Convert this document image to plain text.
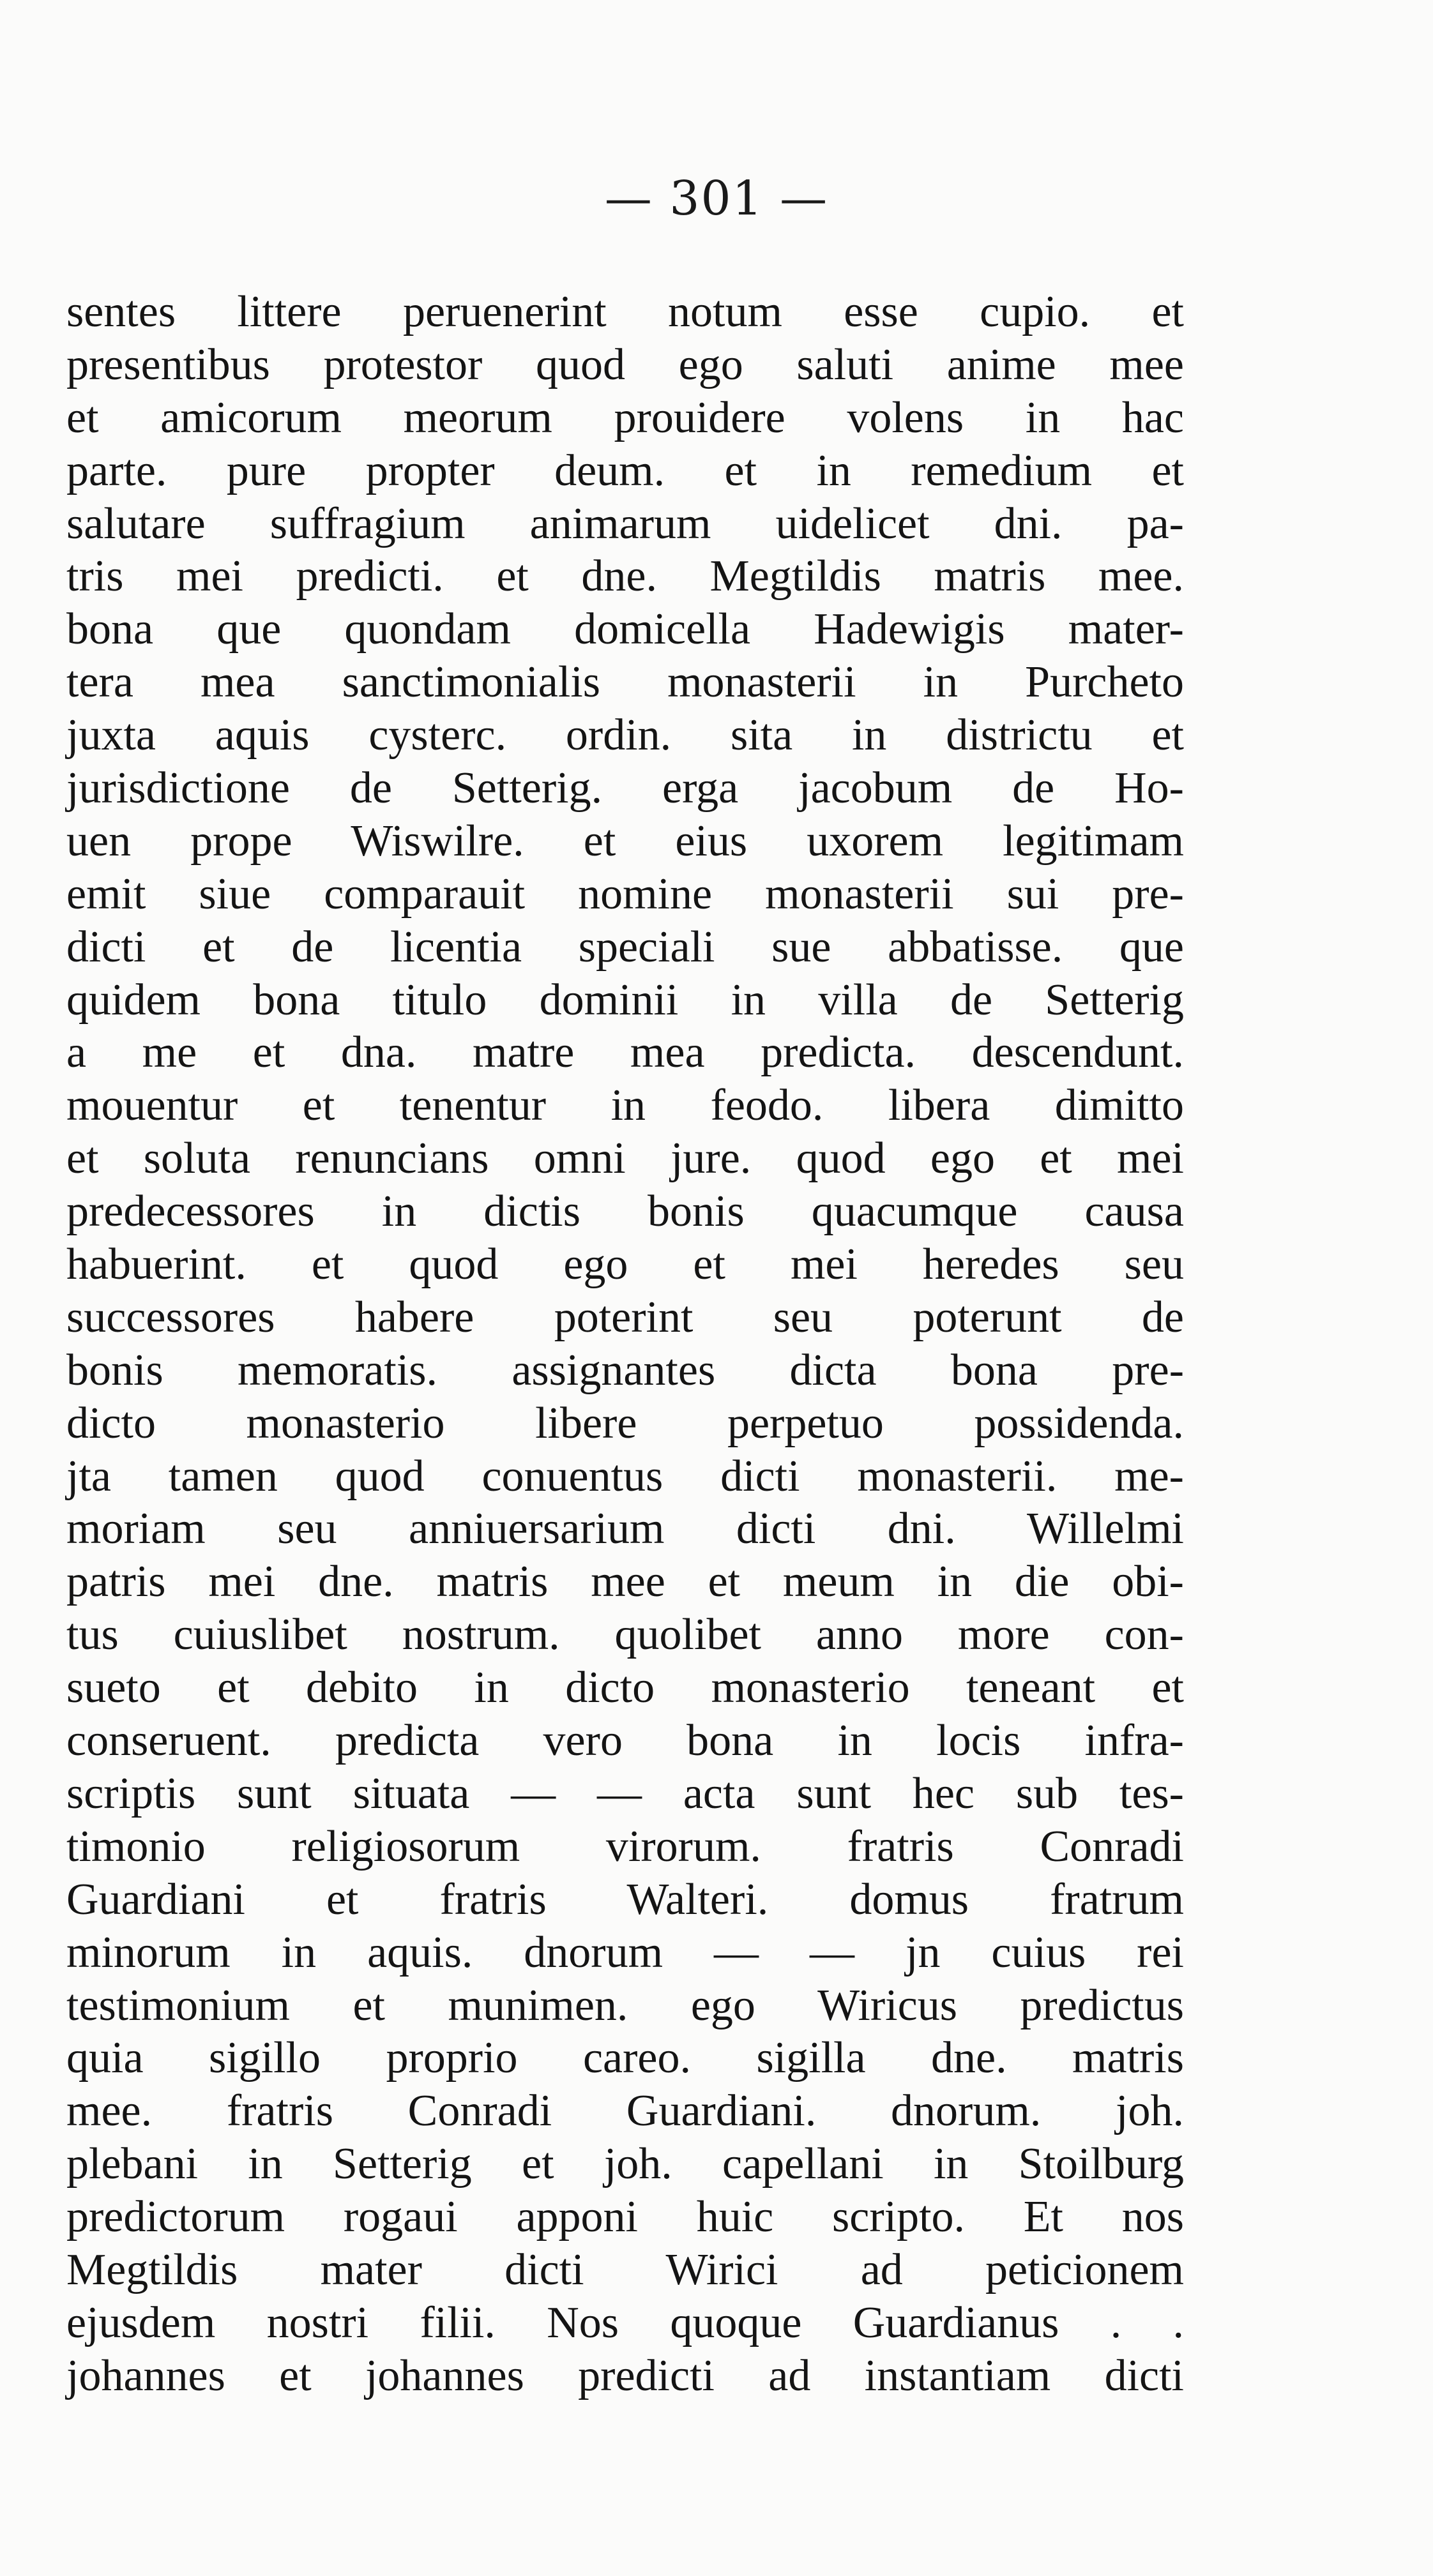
— 301 —
sentes littere peruenerint notum esse cupio. et
presentibus protestor quod ego saluti anime mee
et amicorum meorum prouidere volens in hac
parte. pure propter deum. et in remedium et
salutare suffragium animarum uidelicet dni. pa-
tris mei predicti. et dne. Megtildis matris mee.
bona que quondam domicella Hadewigis mater-
tera mea sanctimonialis monasterii in Purcheto
juxta aquis cysterc. ordin. sita in districtu et
jurisdictione de Setterig. erga jacobum de Ho-
uen prope Wiswilre. et eius uxorem legitimam
emit siue comparauit nomine monasterii sui pre-
dicti et de licentia speciali sue abbatisse. que
quidem bona titulo dominii in villa de Setterig
a me et dna. matre mea predicta. descendunt.
mouentur et tenentur in feodo. libera dimitto
et soluta renuncians omni jure. quod ego et mei
predecessores in dictis bonis quacumque causa
habuerint. et quod ego et mei heredes seu
successores habere poterint seu poterunt de
bonis memoratis. assignantes dicta bona pre-
dicto monasterio libere perpetuo possidenda.
jta tamen quod conuentus dicti monasterii. me-
moriam seu anniuersarium dicti dni. Willelmi
patris mei dne. matris mee et meum in die obi-
tus cuiuslibet nostrum. quolibet anno more con-
sueto et debito in dicto monasterio teneant et
conseruent. predicta vero bona in locis infra-
scriptis sunt situata — — acta sunt hec sub tes-
timonio religiosorum virorum. fratris Conradi
Guardiani et fratris Walteri. domus fratrum
minorum in aquis. dnorum — — jn cuius rei
testimonium et munimen. ego Wiricus predictus
quia sigillo proprio careo. sigilla dne. matris
mee. fratris Conradi Guardiani. dnorum. joh.
plebani in Setterig et joh. capellani in Stoilburg
predictorum rogaui apponi huic scripto. Et nos
Megtildis mater dicti Wirici ad peticionem
ejusdem nostri filii. Nos quoque Guardianus . .
johannes et johannes predicti ad instantiam dicti
